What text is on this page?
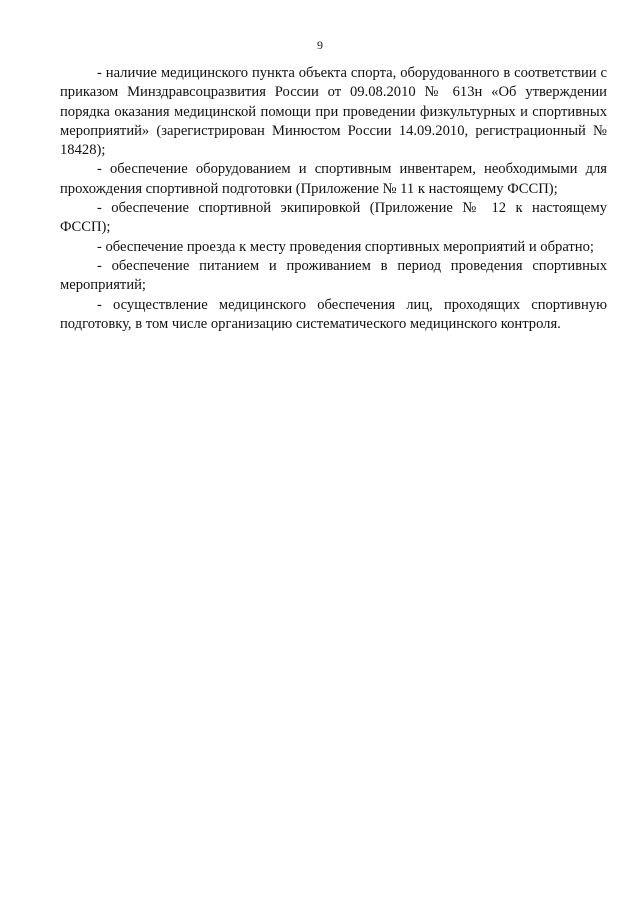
9

- наличие медицинского пункта объекта спорта, оборудованного в соответствии с приказом Минздравсоцразвития России от 09.08.2010 № 613н «Об утверждении порядка оказания медицинской помощи при проведении физкультурных и спортивных мероприятий» (зарегистрирован Минюстом России 14.09.2010, регистрационный № 18428);

- обеспечение оборудованием и спортивным инвентарем, необходимыми для прохождения спортивной подготовки (Приложение № 11 к настоящему ФССП);

- обеспечение спортивной экипировкой (Приложение № 12 к настоящему ФССП);

- обеспечение проезда к месту проведения спортивных мероприятий и обратно;

- обеспечение питанием и проживанием в период проведения спортивных мероприятий;

- осуществление медицинского обеспечения лиц, проходящих спортивную подготовку, в том числе организацию систематического медицинского контроля.
